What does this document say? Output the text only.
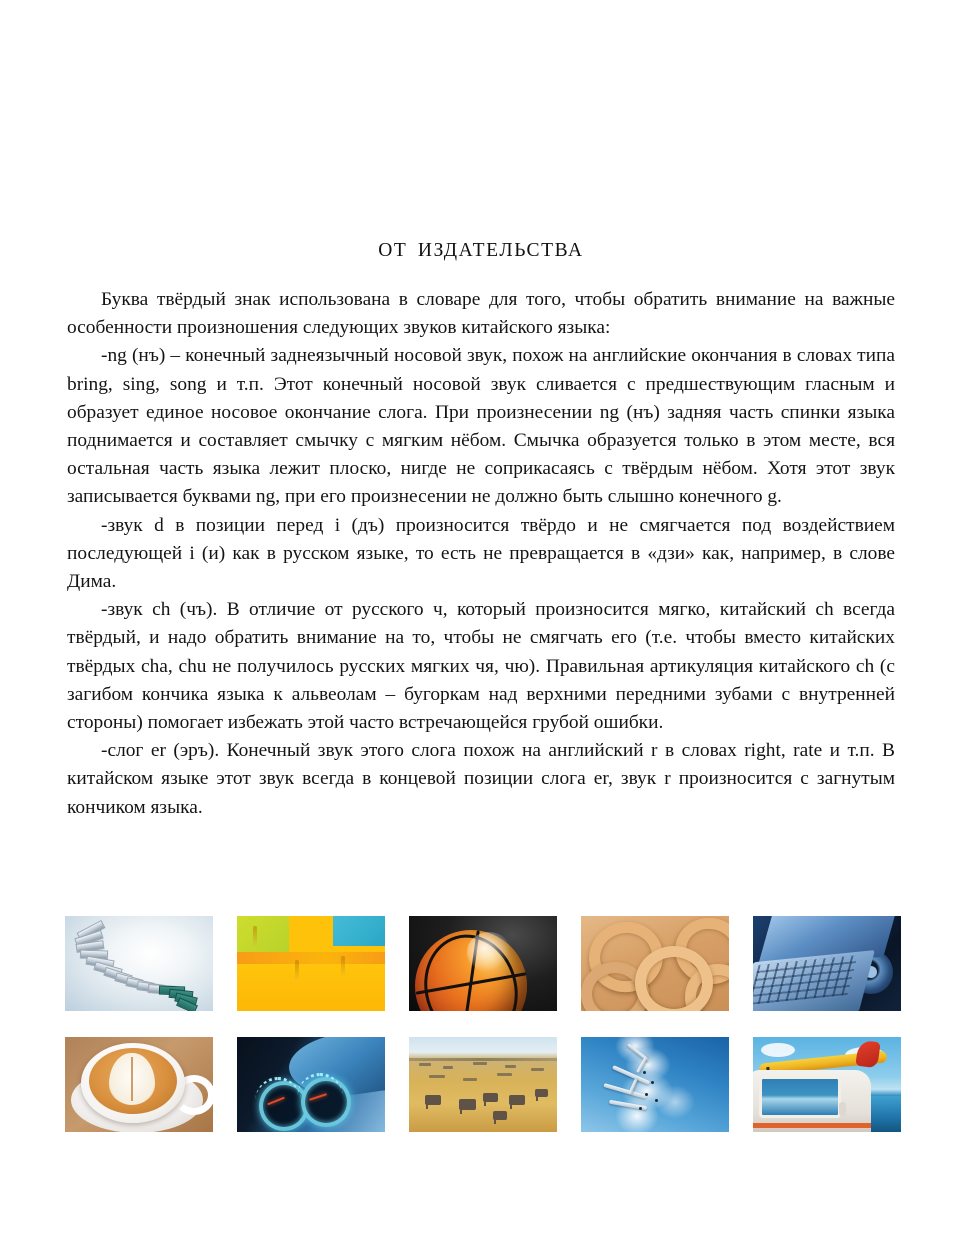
ОТ ИЗДАТЕЛЬСТВА

Буква твёрдый знак использована в словаре для того, чтобы обратить внимание на важные особенности произношения следующих звуков китайского языка:

-ng (нъ) – конечный заднеязычный носовой звук, похож на английские окончания в словах типа bring, sing, song и т.п. Этот конечный носовой звук сливается с предшествующим гласным и образует единое носовое окончание слога. При произнесении ng (нъ) задняя часть спинки языка поднимается и составляет смычку с мягким нёбом. Смычка образуется только в этом месте, вся остальная часть языка лежит плоско, нигде не соприкасаясь с твёрдым нёбом. Хотя этот звук записывается буквами ng, при его произнесении не должно быть слышно конечного g.

-звук d в позиции перед i (дъ) произносится твёрдо и не смягчается под воздействием последующей i (и) как в русском языке, то есть не превращается в «дзи» как, например, в слове Дима.

-звук ch (чъ). В отличие от русского ч, который произносится мягко, китайский ch всегда твёрдый, и надо обратить внимание на то, чтобы не смягчать его (т.е. чтобы вместо китайских твёрдых cha, chu не получилось русских мягких чя, чю). Правильная артикуляция китайского ch (с загибом кончика языка к альвеолам – бугоркам над верхними передними зубами с внутренней стороны) помогает избежать этой часто встречающейся грубой ошибки.

-слог er (эръ). Конечный звук этого слога похож на английский r в словах right, rate и т.п. В китайском языке этот звук всегда в концевой позиции слога er, звук r произносится с загнутым кончиком языка.
